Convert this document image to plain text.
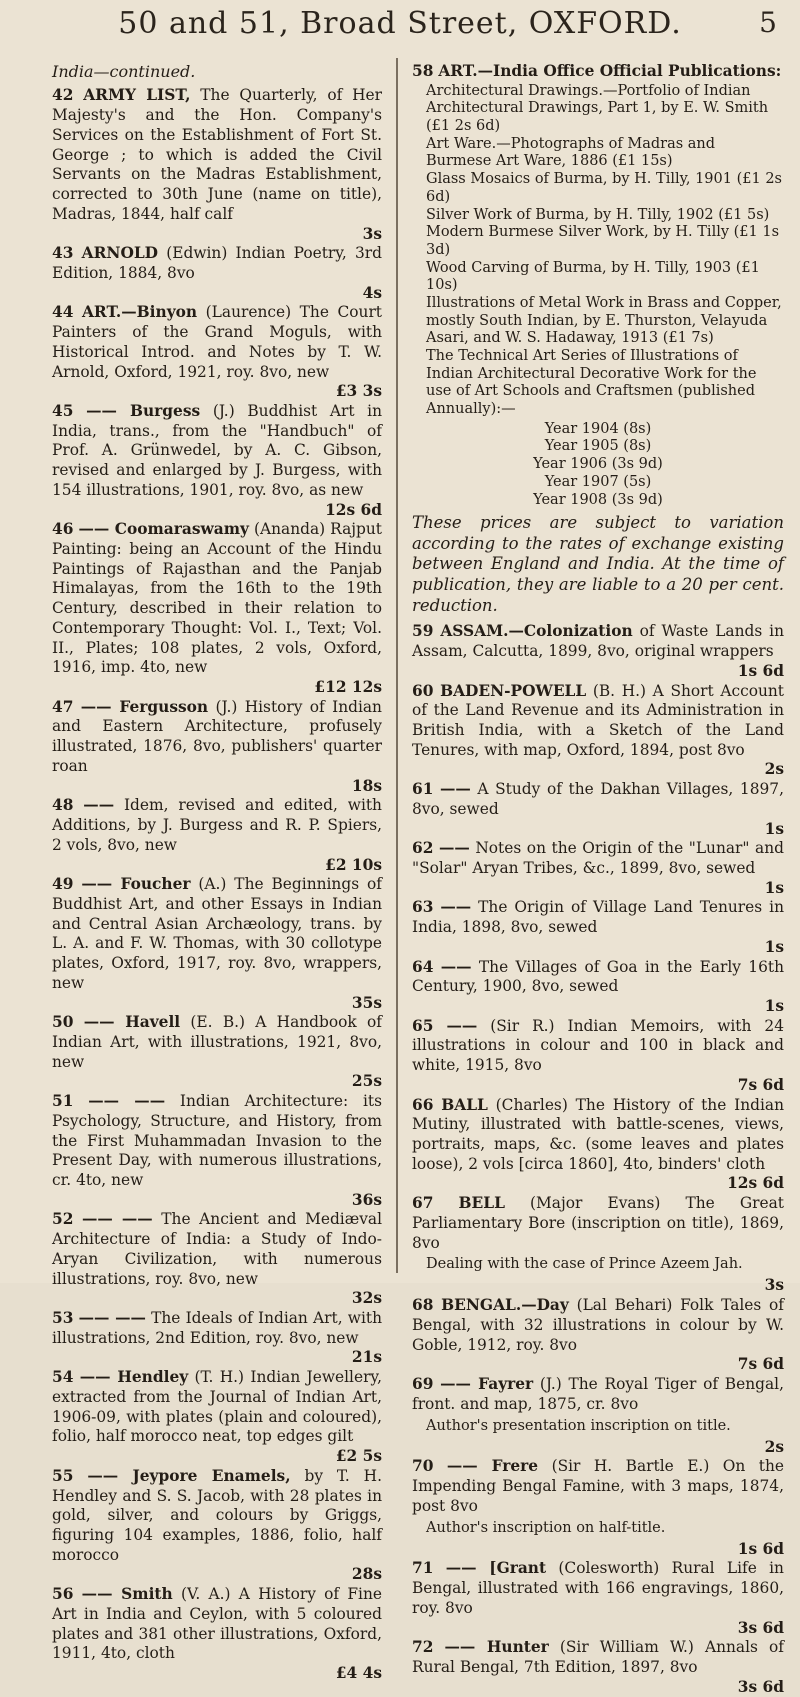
50 and 51, Broad Street, OXFORD.	5
India—continued.
42 ARMY LIST, The Quarterly, of Her Majesty's and the Hon. Company's Services on the Establishment of Fort St. George ; to which is added the Civil Servants on the Madras Establishment, corrected to 30th June (name on title), Madras, 1844, half calf
3s
43 ARNOLD (Edwin) Indian Poetry, 3rd Edition, 1884, 8vo
4s
44 ART.—Binyon (Laurence) The Court Painters of the Grand Moguls, with Historical Introd. and Notes by T. W. Arnold, Oxford, 1921, roy. 8vo, new
£3 3s
45 —— Burgess (J.) Buddhist Art in India, trans., from the "Handbuch" of Prof. A. Grünwedel, by A. C. Gibson, revised and enlarged by J. Burgess, with 154 illustrations, 1901, roy. 8vo, as new
12s 6d
46 —— Coomaraswamy (Ananda) Rajput Painting: being an Account of the Hindu Paintings of Rajasthan and the Panjab Himalayas, from the 16th to the 19th Century, described in their relation to Contemporary Thought: Vol. I., Text; Vol. II., Plates; 108 plates, 2 vols, Oxford, 1916, imp. 4to, new
£12 12s
47 —— Fergusson (J.) History of Indian and Eastern Architecture, profusely illustrated, 1876, 8vo, publishers' quarter roan
18s
48 —— Idem, revised and edited, with Additions, by J. Burgess and R. P. Spiers, 2 vols, 8vo, new
£2 10s
49 —— Foucher (A.) The Beginnings of Buddhist Art, and other Essays in Indian and Central Asian Archæology, trans. by L. A. and F. W. Thomas, with 30 collotype plates, Oxford, 1917, roy. 8vo, wrappers, new
35s
50 —— Havell (E. B.) A Handbook of Indian Art, with illustrations, 1921, 8vo, new
25s
51 —— —— Indian Architecture: its Psychology, Structure, and History, from the First Muhammadan Invasion to the Present Day, with numerous illustrations, cr. 4to, new
36s
52 —— —— The Ancient and Mediæval Architecture of India: a Study of Indo-Aryan Civilization, with numerous illustrations, roy. 8vo, new
32s
53 —— —— The Ideals of Indian Art, with illustrations, 2nd Edition, roy. 8vo, new
21s
54 —— Hendley (T. H.) Indian Jewellery, extracted from the Journal of Indian Art, 1906-09, with plates (plain and coloured), folio, half morocco neat, top edges gilt
£2 5s
55 —— Jeypore Enamels, by T. H. Hendley and S. S. Jacob, with 28 plates in gold, silver, and colours by Griggs, figuring 104 examples, 1886, folio, half morocco
28s
56 —— Smith (V. A.) A History of Fine Art in India and Ceylon, with 5 coloured plates and 381 other illustrations, Oxford, 1911, 4to, cloth
£4 4s
58 ART.—India Office Official Publications:
Architectural Drawings.—Portfolio of Indian Architectural Drawings, Part 1, by E. W. Smith (£1 2s 6d)
Art Ware.—Photographs of Madras and Burmese Art Ware, 1886 (£1 15s)
Glass Mosaics of Burma, by H. Tilly, 1901 (£1 2s 6d)
Silver Work of Burma, by H. Tilly, 1902 (£1 5s)
Modern Burmese Silver Work, by H. Tilly (£1 1s 3d)
Wood Carving of Burma, by H. Tilly, 1903 (£1 10s)
Illustrations of Metal Work in Brass and Copper, mostly South Indian, by E. Thurston, Velayuda Asari, and W. S. Hadaway, 1913 (£1 7s)
The Technical Art Series of Illustrations of Indian Architectural Decorative Work for the use of Art Schools and Craftsmen (published Annually):—
Year 1904 (8s)
Year 1905 (8s)
Year 1906 (3s 9d)
Year 1907 (5s)
Year 1908 (3s 9d)
These prices are subject to variation according to the rates of exchange existing between England and India. At the time of publication, they are liable to a 20 per cent. reduction.
59 ASSAM.—Colonization of Waste Lands in Assam, Calcutta, 1899, 8vo, original wrappers
1s 6d
60 BADEN-POWELL (B. H.) A Short Account of the Land Revenue and its Administration in British India, with a Sketch of the Land Tenures, with map, Oxford, 1894, post 8vo
2s
61 —— A Study of the Dakhan Villages, 1897, 8vo, sewed
1s
62 —— Notes on the Origin of the "Lunar" and "Solar" Aryan Tribes, &c., 1899, 8vo, sewed
1s
63 —— The Origin of Village Land Tenures in India, 1898, 8vo, sewed
1s
64 —— The Villages of Goa in the Early 16th Century, 1900, 8vo, sewed
1s
65 —— (Sir R.) Indian Memoirs, with 24 illustrations in colour and 100 in black and white, 1915, 8vo
7s 6d
66 BALL (Charles) The History of the Indian Mutiny, illustrated with battle-scenes, views, portraits, maps, &c. (some leaves and plates loose), 2 vols [circa 1860], 4to, binders' cloth
12s 6d
67 BELL (Major Evans) The Great Parliamentary Bore (inscription on title), 1869, 8vo
Dealing with the case of Prince Azeem Jah.
3s
68 BENGAL.—Day (Lal Behari) Folk Tales of Bengal, with 32 illustrations in colour by W. Goble, 1912, roy. 8vo
7s 6d
69 —— Fayrer (J.) The Royal Tiger of Bengal, front. and map, 1875, cr. 8vo
Author's presentation inscription on title.
2s
70 —— Frere (Sir H. Bartle E.) On the Impending Bengal Famine, with 3 maps, 1874, post 8vo
Author's inscription on half-title.
1s 6d
71 —— [Grant (Colesworth) Rural Life in Bengal, illustrated with 166 engravings, 1860, roy. 8vo
3s 6d
72 —— Hunter (Sir William W.) Annals of Rural Bengal, 7th Edition, 1897, 8vo
3s 6d
